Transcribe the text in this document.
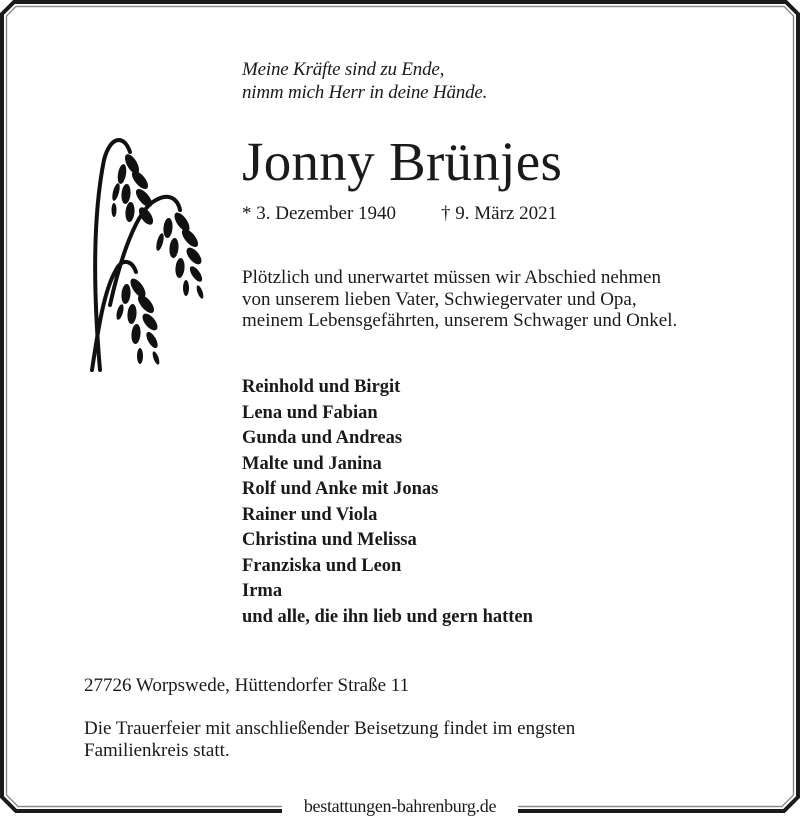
Meine Kräfte sind zu Ende,
nimm mich Herr in deine Hände.
Jonny Brünjes
* 3. Dezember 1940 † 9. März 2021
Plötzlich und unerwartet müssen wir Abschied nehmen
von unserem lieben Vater, Schwiegervater und Opa,
meinem Lebensgefährten, unserem Schwager und Onkel.
Reinhold und Birgit
Lena und Fabian
Gunda und Andreas
Malte und Janina
Rolf und Anke mit Jonas
Rainer und Viola
Christina und Melissa
Franziska und Leon
Irma
und alle, die ihn lieb und gern hatten
27726 Worpswede, Hüttendorfer Straße 11
Die Trauerfeier mit anschließender Beisetzung findet im engsten
Familienkreis statt.
bestattungen-bahrenburg.de
